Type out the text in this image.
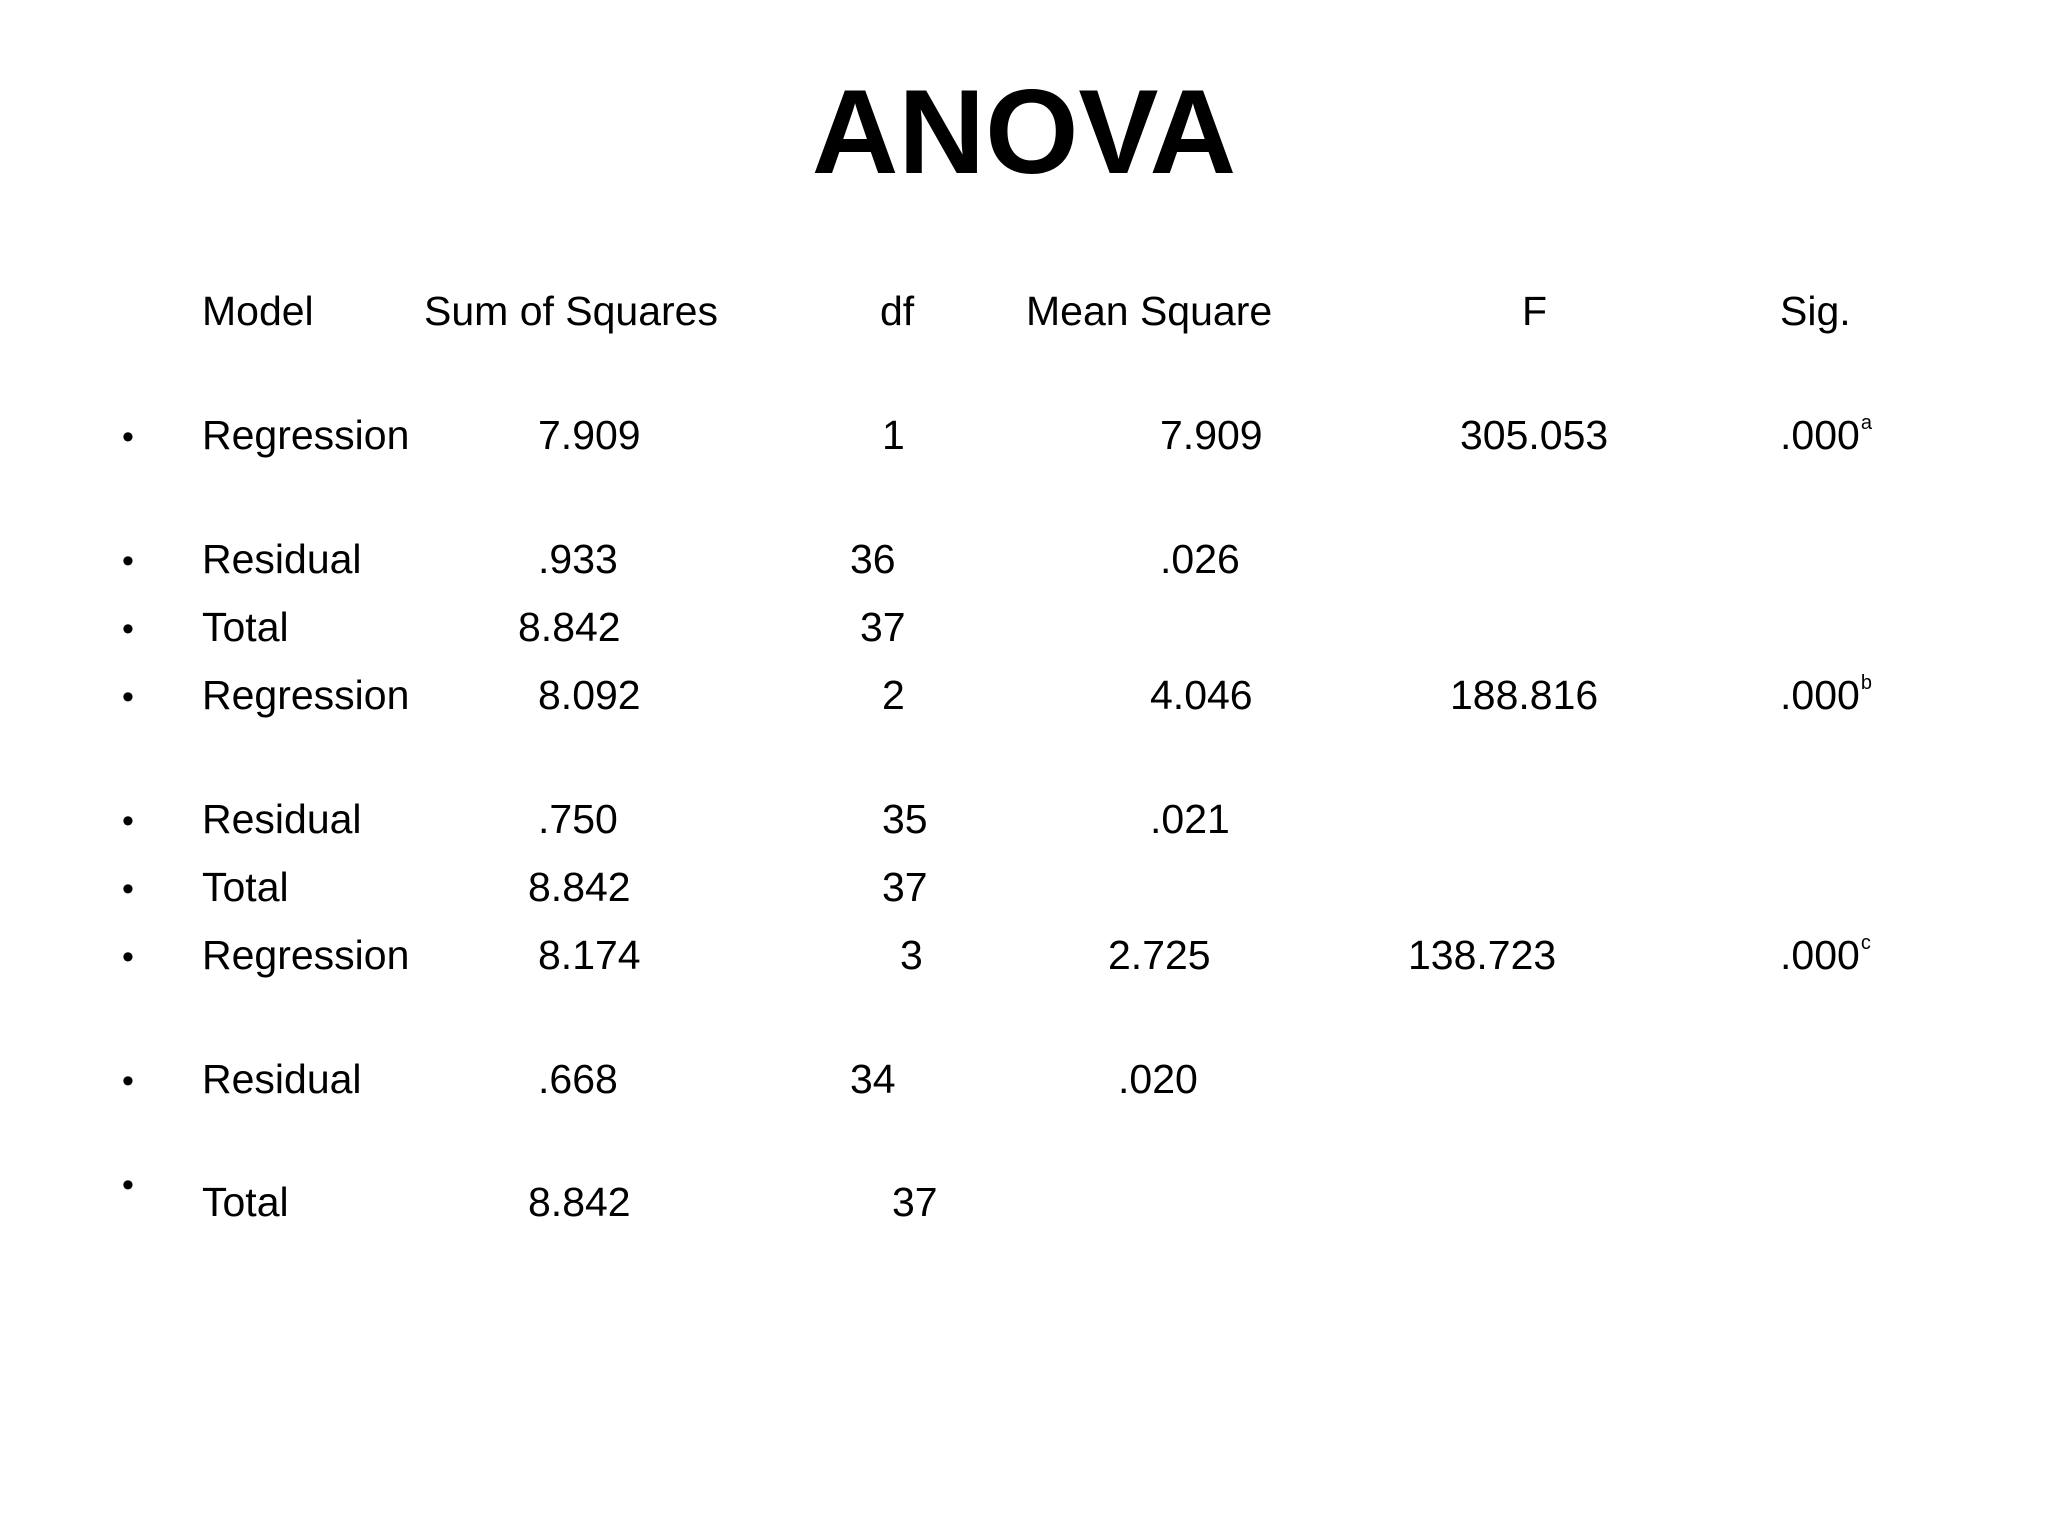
ANOVA
Model	Sum of Squares	df	Mean Square	F	Sig.
• Regression	7.909	1	7.909	305.053	.000$^a$
• Residual	.933	36	.026
• Total	8.842	37
• Regression	8.092	2	4.046	188.816	.000$^b$
• Residual	.750	35	.021
• Total	8.842	37
• Regression	8.174	3	2.725	138.723	.000$^c$
• Residual	.668	34	.020
• Total	8.842	37
